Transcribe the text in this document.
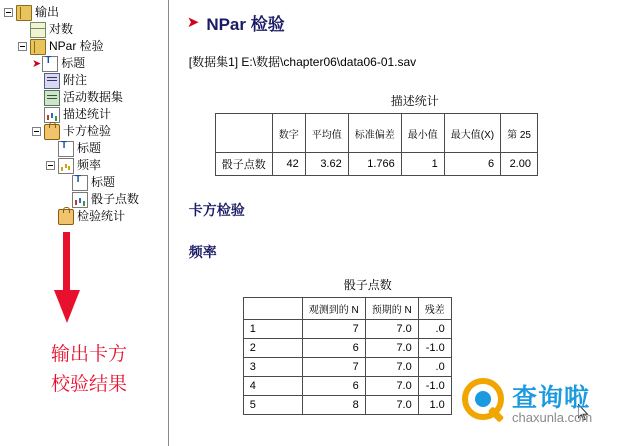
输出
对数
NPar 检验
➤ T 标题
附注
活动数据集
描述统计
卡方检验
T
标题
频率
T
标题
骰子点数
检验统计
输出卡方
校验结果
➤ NPar 检验
[数据集1] E:\数据\chapter06\data06-01.sav
描述统计
	数字	平均值	标准偏差	最小值	最大值(X)	第 25
骰子点数	42	3.62	1.766	1	6	2.00
卡方检验
频率
骰子点数
	观测到的 N	预期的 N	残差
1	7	7.0	.0
2	6	7.0	-1.0
3	7	7.0	.0
4	6	7.0	-1.0
5	8	7.0	1.0	查询啦
chaxunla.com
